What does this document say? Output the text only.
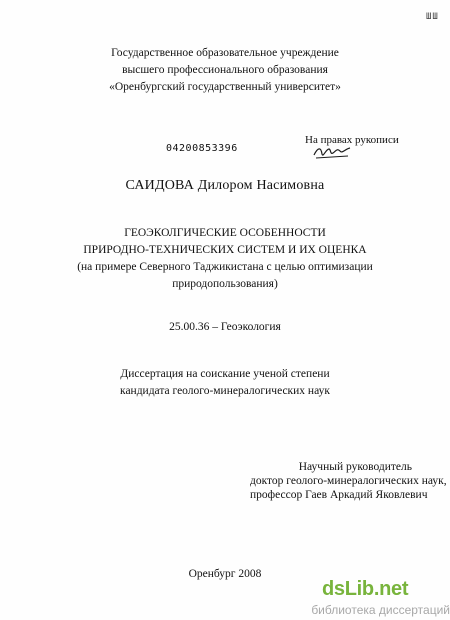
ШШ
Государственное образовательное учреждение
высшего профессионального образования
«Оренбургский государственный университет»
На правах рукописи
04200853396
САИДОВА Дилором Насимовна
ГЕОЭКОЛГИЧЕСКИЕ ОСОБЕННОСТИ
ПРИРОДНО-ТЕХНИЧЕСКИХ СИСТЕМ И ИХ ОЦЕНКА
(на примере Северного Таджикистана с целью оптимизации
природопользования)
25.00.36 – Геоэкология
Диссертация на соискание ученой степени
кандидата геолого-минералогических наук
Научный руководитель
доктор геолого-минералогических наук,
профессор Гаев Аркадий Яковлевич
Оренбург 2008
dsLib.net
библиотека диссертаций
